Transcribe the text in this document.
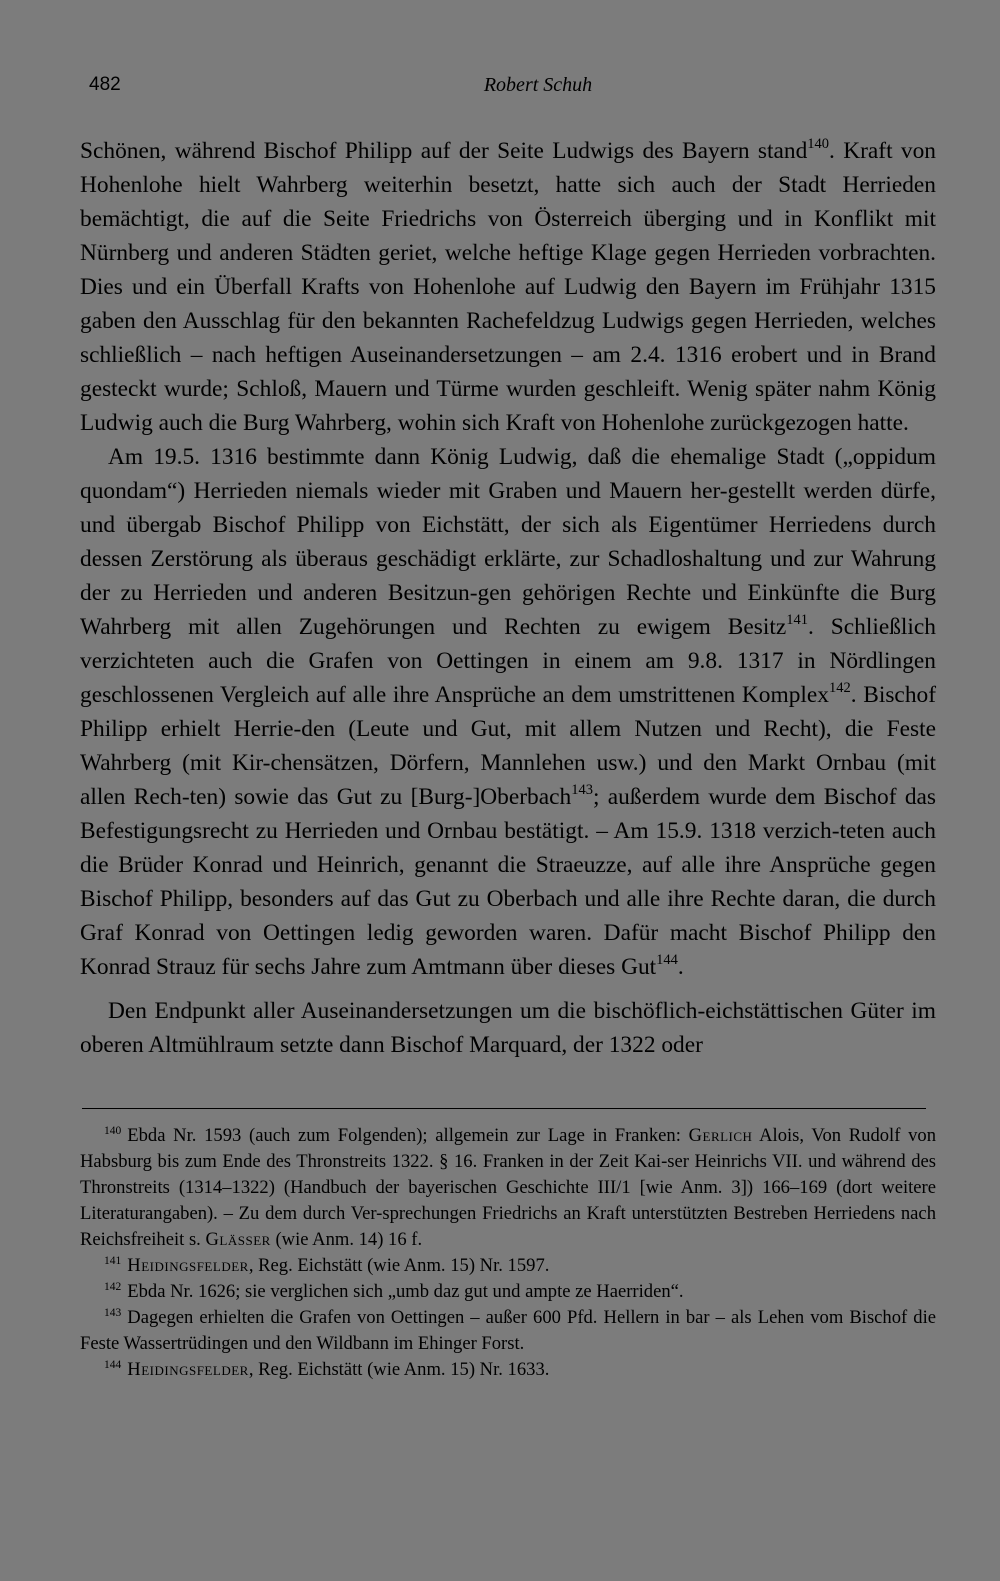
482	Robert Schuh

Schönen, während Bischof Philipp auf der Seite Ludwigs des Bayern stand$^{140}$. Kraft von Hohenlohe hielt Wahrberg weiterhin besetzt, hatte sich auch der Stadt Herrieden bemächtigt, die auf die Seite Friedrichs von Österreich überging und in Konflikt mit Nürnberg und anderen Städten geriet, welche heftige Klage gegen Herrieden vorbrachten. Dies und ein Überfall Krafts von Hohenlohe auf Ludwig den Bayern im Frühjahr 1315 gaben den Ausschlag für den bekannten Rachefeldzug Ludwigs gegen Herrieden, welches schließlich – nach heftigen Auseinandersetzungen – am 2.4. 1316 erobert und in Brand gesteckt wurde; Schloß, Mauern und Türme wurden geschleift. Wenig später nahm König Ludwig auch die Burg Wahrberg, wohin sich Kraft von Hohenlohe zurückgezogen hatte.

Am 19.5. 1316 bestimmte dann König Ludwig, daß die ehemalige Stadt („oppidum quondam“) Herrieden niemals wieder mit Graben und Mauern her-gestellt werden dürfe, und übergab Bischof Philipp von Eichstätt, der sich als Eigentümer Herriedens durch dessen Zerstörung als überaus geschädigt erklärte, zur Schadloshaltung und zur Wahrung der zu Herrieden und anderen Besitzun-gen gehörigen Rechte und Einkünfte die Burg Wahrberg mit allen Zugehörungen und Rechten zu ewigem Besitz$^{141}$. Schließlich verzichteten auch die Grafen von Oettingen in einem am 9.8. 1317 in Nördlingen geschlossenen Vergleich auf alle ihre Ansprüche an dem umstrittenen Komplex$^{142}$. Bischof Philipp erhielt Herrie-den (Leute und Gut, mit allem Nutzen und Recht), die Feste Wahrberg (mit Kir-chensätzen, Dörfern, Mannlehen usw.) und den Markt Ornbau (mit allen Rech-ten) sowie das Gut zu [Burg-]Oberbach$^{143}$; außerdem wurde dem Bischof das Befestigungsrecht zu Herrieden und Ornbau bestätigt. – Am 15.9. 1318 verzich-teten auch die Brüder Konrad und Heinrich, genannt die Straeuzze, auf alle ihre Ansprüche gegen Bischof Philipp, besonders auf das Gut zu Oberbach und alle ihre Rechte daran, die durch Graf Konrad von Oettingen ledig geworden waren. Dafür macht Bischof Philipp den Konrad Strauz für sechs Jahre zum Amtmann über dieses Gut$^{144}$.

Den Endpunkt aller Auseinandersetzungen um die bischöflich-eichstättischen Güter im oberen Altmühlraum setzte dann Bischof Marquard, der 1322 oder

$^{140}$ Ebda Nr. 1593 (auch zum Folgenden); allgemein zur Lage in Franken: Gerlich Alois, Von Rudolf von Habsburg bis zum Ende des Thronstreits 1322. § 16. Franken in der Zeit Kai-ser Heinrichs VII. und während des Thronstreits (1314–1322) (Handbuch der bayerischen Geschichte III/1 [wie Anm. 3]) 166–169 (dort weitere Literaturangaben). – Zu dem durch Ver-sprechungen Friedrichs an Kraft unterstützten Bestreben Herriedens nach Reichsfreiheit s. Glässer (wie Anm. 14) 16 f.

$^{141}$ Heidingsfelder, Reg. Eichstätt (wie Anm. 15) Nr. 1597.

$^{142}$ Ebda Nr. 1626; sie verglichen sich „umb daz gut und ampte ze Haerriden“.

$^{143}$ Dagegen erhielten die Grafen von Oettingen – außer 600 Pfd. Hellern in bar – als Lehen vom Bischof die Feste Wassertrüdingen und den Wildbann im Ehinger Forst.

$^{144}$ Heidingsfelder, Reg. Eichstätt (wie Anm. 15) Nr. 1633.
